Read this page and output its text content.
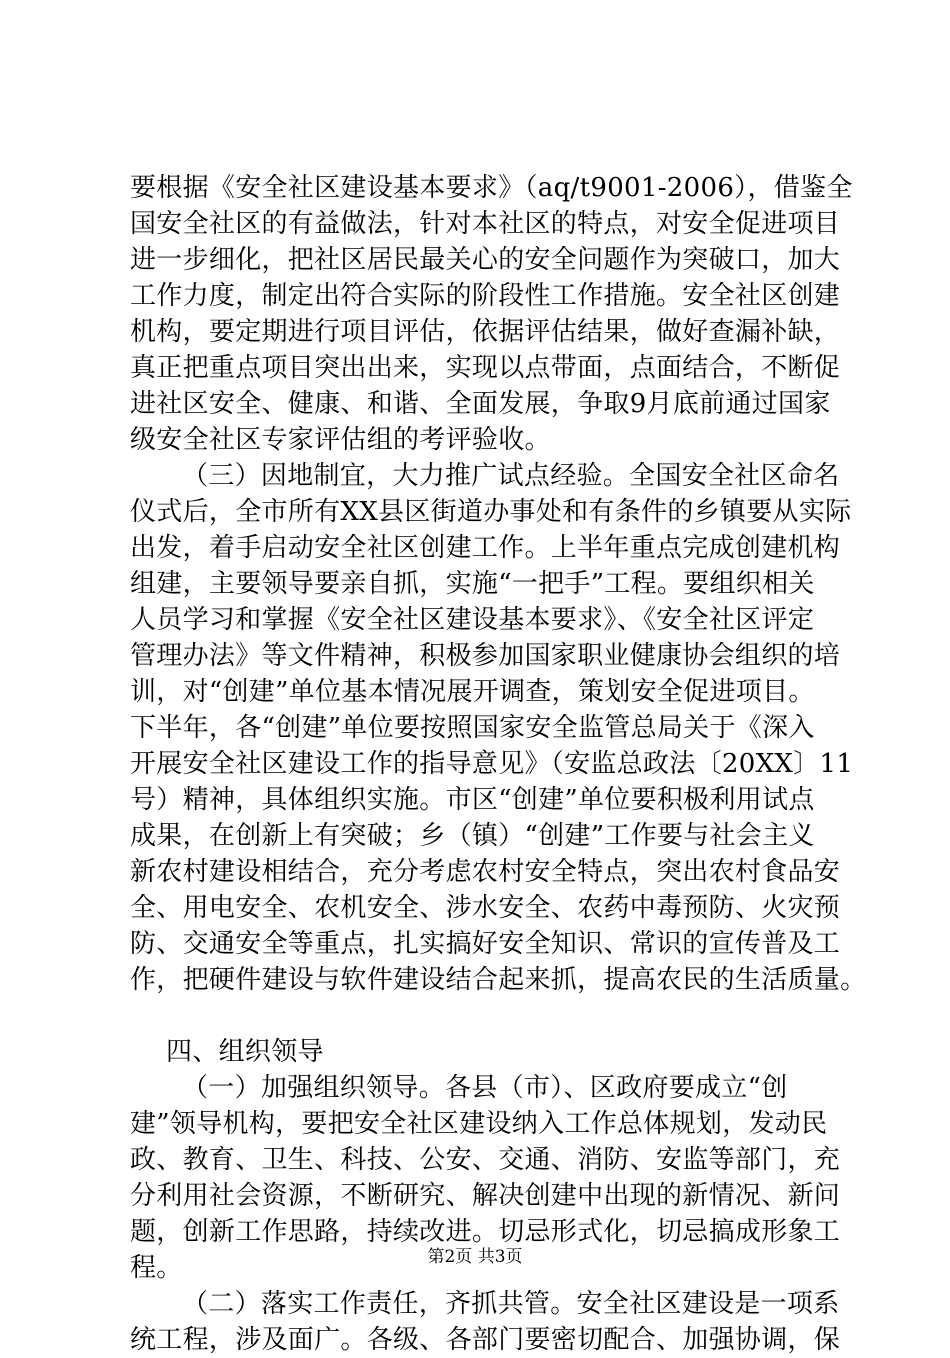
要根据《安全社区建设基本要求》（aq/t9001-2006），借鉴全
国安全社区的有益做法，针对本社区的特点，对安全促进项目
进一步细化，把社区居民最关心的安全问题作为突破口，加大
工作力度，制定出符合实际的阶段性工作措施。安全社区创建
机构，要定期进行项目评估，依据评估结果，做好查漏补缺，
真正把重点项目突出出来，实现以点带面，点面结合，不断促
进社区安全、健康、和谐、全面发展，争取9月底前通过国家
级安全社区专家评估组的考评验收。
（三）因地制宜，大力推广试点经验。全国安全社区命名
仪式后，全市所有XX县区街道办事处和有条件的乡镇要从实际
出发，着手启动安全社区创建工作。上半年重点完成创建机构
组建，主要领导要亲自抓，实施“一把手”工程。要组织相关
人员学习和掌握《安全社区建设基本要求》、《安全社区评定
管理办法》等文件精神，积极参加国家职业健康协会组织的培
训，对“创建”单位基本情况展开调查，策划安全促进项目。
下半年，各“创建”单位要按照国家安全监管总局关于《深入
开展安全社区建设工作的指导意见》（安监总政法〔20XX〕11
号）精神，具体组织实施。市区“创建”单位要积极利用试点
成果，在创新上有突破；乡（镇）“创建”工作要与社会主义
新农村建设相结合，充分考虑农村安全特点，突出农村食品安
全、用电安全、农机安全、涉水安全、农药中毒预防、火灾预
防、交通安全等重点，扎实搞好安全知识、常识的宣传普及工
作，把硬件建设与软件建设结合起来抓，提高农民的生活质量。
四、组织领导
（一）加强组织领导。各县（市）、区政府要成立“创
建”领导机构，要把安全社区建设纳入工作总体规划，发动民
政、教育、卫生、科技、公安、交通、消防、安监等部门，充
分利用社会资源，不断研究、解决创建中出现的新情况、新问
题，创新工作思路，持续改进。切忌形式化，切忌搞成形象工
程。
（二）落实工作责任，齐抓共管。安全社区建设是一项系
统工程，涉及面广。各级、各部门要密切配合、加强协调，保
第2页 共3页
